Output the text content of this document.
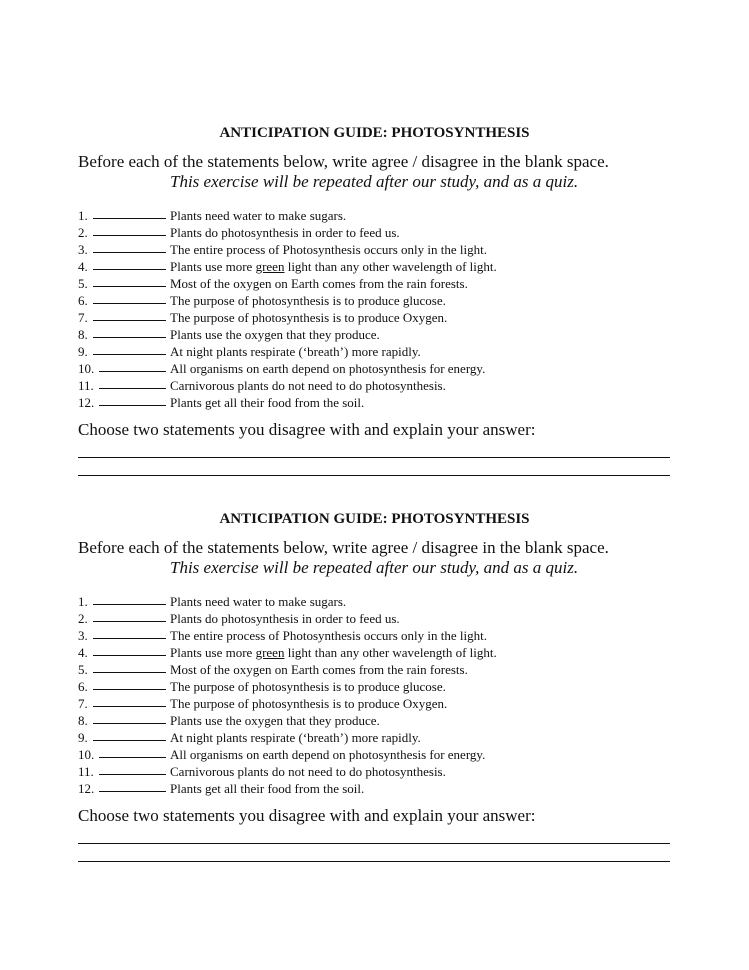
ANTICIPATION GUIDE: PHOTOSYNTHESIS
Before each of the statements below, write agree / disagree in the blank space.
This exercise will be repeated after our study, and as a quiz.
1.	Plants need water to make sugars.
2.	Plants do photosynthesis in order to feed us.
3.	The entire process of Photosynthesis occurs only in the light.
4.	Plants use more green light than any other wavelength of light.
5.	Most of the oxygen on Earth comes from the rain forests.
6.	The purpose of photosynthesis is to produce glucose.
7.	The purpose of photosynthesis is to produce Oxygen.
8.	Plants use the oxygen that they produce.
9.	At night plants respirate (‘breath’) more rapidly.
10.	All organisms on earth depend on photosynthesis for energy.
11.	Carnivorous plants do not need to do photosynthesis.
12.	Plants get all their food from the soil.
Choose two statements you disagree with and explain your answer:
ANTICIPATION GUIDE: PHOTOSYNTHESIS
Before each of the statements below, write agree / disagree in the blank space.
This exercise will be repeated after our study, and as a quiz.
1.	Plants need water to make sugars.
2.	Plants do photosynthesis in order to feed us.
3.	The entire process of Photosynthesis occurs only in the light.
4.	Plants use more green light than any other wavelength of light.
5.	Most of the oxygen on Earth comes from the rain forests.
6.	The purpose of photosynthesis is to produce glucose.
7.	The purpose of photosynthesis is to produce Oxygen.
8.	Plants use the oxygen that they produce.
9.	At night plants respirate (‘breath’) more rapidly.
10.	All organisms on earth depend on photosynthesis for energy.
11.	Carnivorous plants do not need to do photosynthesis.
12.	Plants get all their food from the soil.
Choose two statements you disagree with and explain your answer:
